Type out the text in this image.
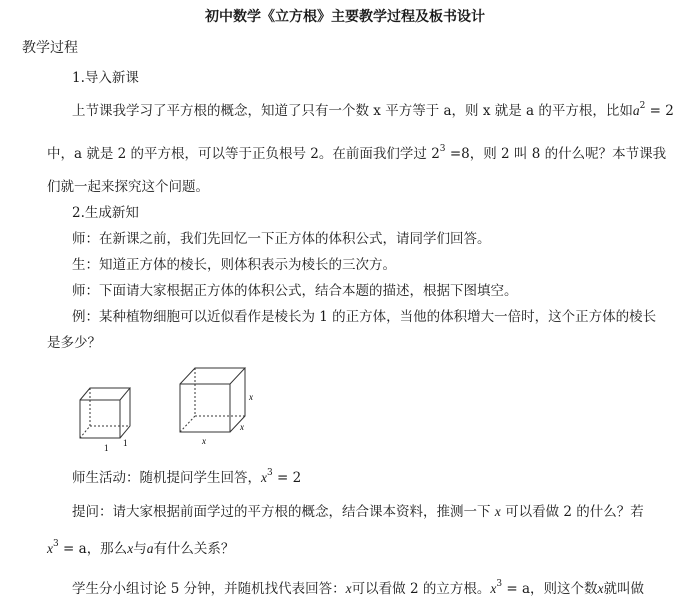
初中数学《立方根》主要教学过程及板书设计
教学过程
1.导入新课
上节课我学习了平方根的概念，知道了只有一个数 x 平方等于 a，则 x 就是 a 的平方根，比如$a^2 = 2$
中，a 就是 2 的平方根，可以等于正负根号 2。在前面我们学过 $2^3 =8$，则 2 叫 8 的什么呢？本节课我
们就一起来探究这个问题。
2.生成新知
师：在新课之前，我们先回忆一下正方体的体积公式，请同学们回答。
生：知道正方体的棱长，则体积表示为棱长的三次方。
师：下面请大家根据正方体的体积公式，结合本题的描述，根据下图填空。
例：某种植物细胞可以近似看作是棱长为 1 的正方体，当他的体积增大一倍时，这个正方体的棱长
是多少？
1 1	x
x
x
师生活动：随机提问学生回答，$x^3 = 2$
提问：请大家根据前面学过的平方根的概念，结合课本资料，推测一下 x 可以看做 2 的什么？若
$x^3 = a$，那么x与a有什么关系？
学生分小组讨论 5 分钟，并随机找代表回答：x可以看做 2 的立方根。$x^3 = a$，则这个数x就叫做
